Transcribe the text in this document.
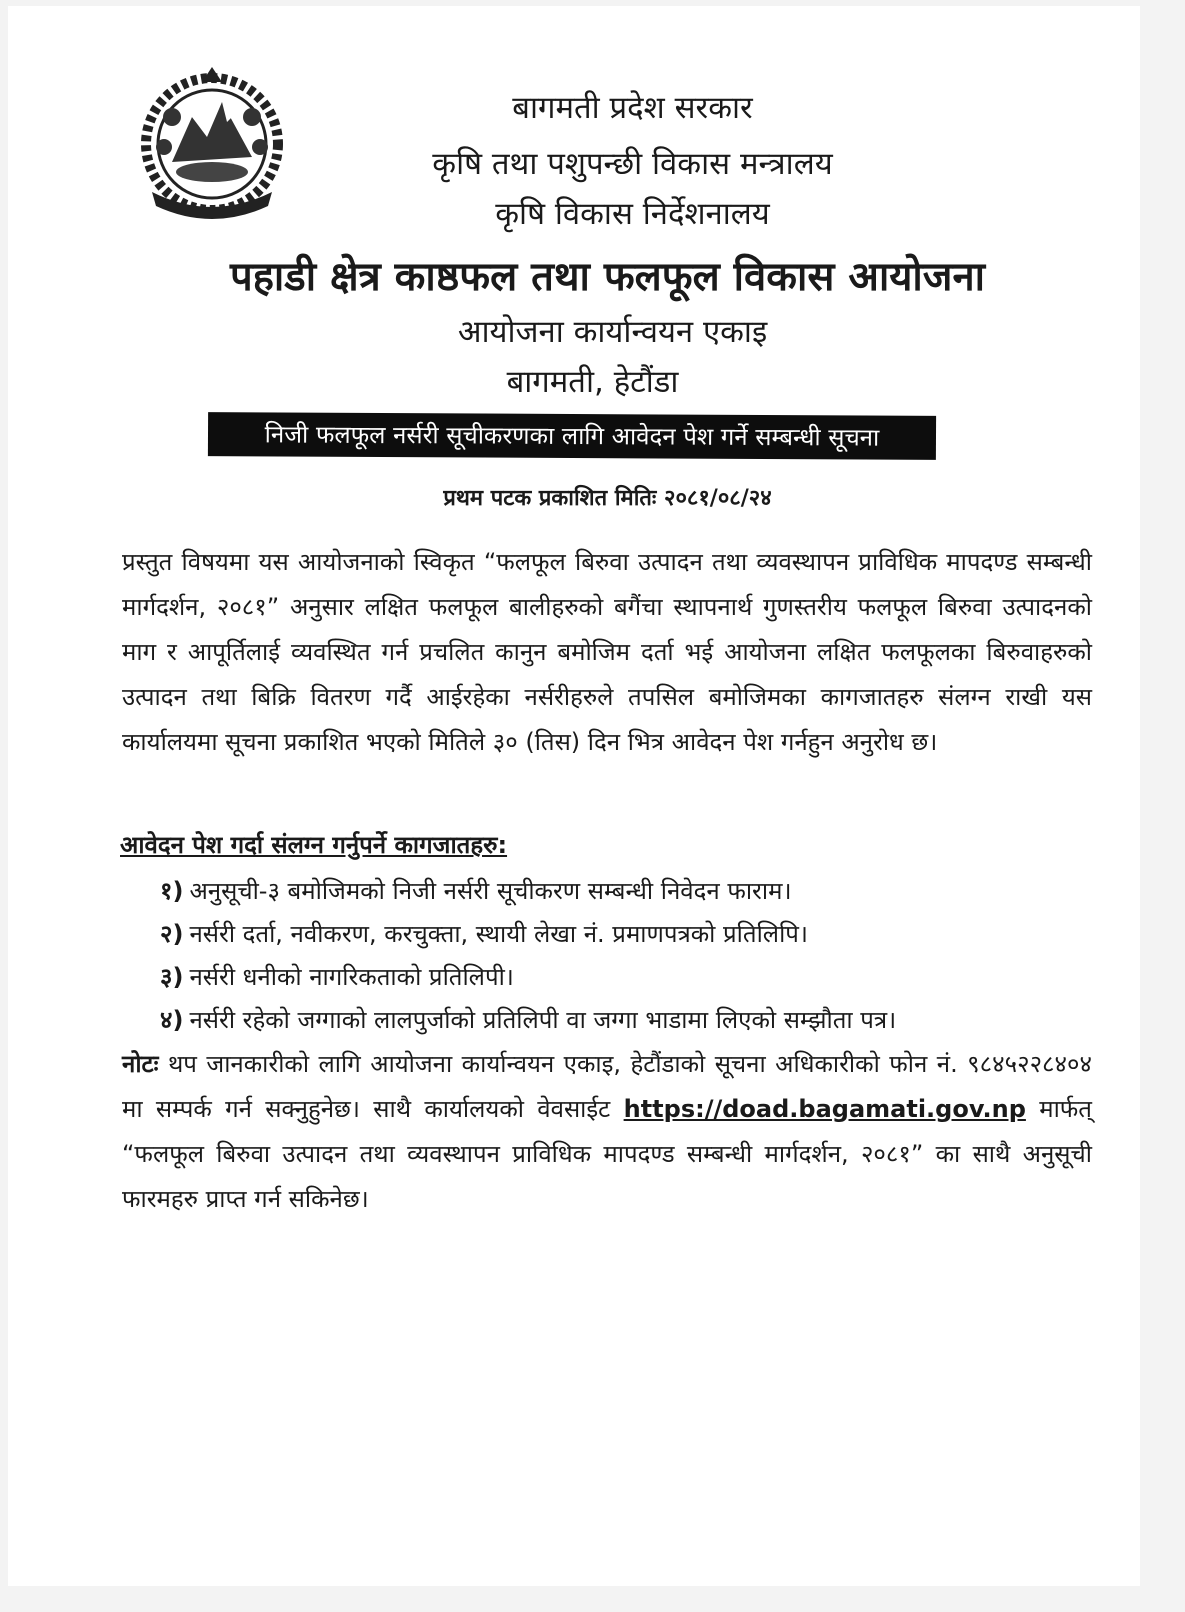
बागमती प्रदेश सरकार
कृषि तथा पशुपन्छी विकास मन्त्रालय
कृषि विकास निर्देशनालय
पहाडी क्षेत्र काष्ठफल तथा फलफूल विकास आयोजना
आयोजना कार्यान्वयन एकाइ
बागमती, हेटौंडा
निजी फलफूल नर्सरी सूचीकरणका लागि आवेदन पेश गर्ने सम्बन्धी सूचना
प्रथम पटक प्रकाशित मितिः २०८१/०८/२४
प्रस्तुत विषयमा यस आयोजनाको स्विकृत “फलफूल बिरुवा उत्पादन तथा व्यवस्थापन प्राविधिक मापदण्ड सम्बन्धी मार्गदर्शन, २०८१” अनुसार लक्षित फलफूल बालीहरुको बगैंचा स्थापनार्थ गुणस्तरीय फलफूल बिरुवा उत्पादनको माग र आपूर्तिलाई व्यवस्थित गर्न प्रचलित कानुन बमोजिम दर्ता भई आयोजना लक्षित फलफूलका बिरुवाहरुको उत्पादन तथा बिक्रि वितरण गर्दै आईरहेका नर्सरीहरुले तपसिल बमोजिमका कागजातहरु संलग्न राखी यस कार्यालयमा सूचना प्रकाशित भएको मितिले ३० (तिस) दिन भित्र आवेदन पेश गर्नहुन अनुरोध छ।
आवेदन पेश गर्दा संलग्न गर्नुपर्ने कागजातहरु:
१) अनुसूची-३ बमोजिमको निजी नर्सरी सूचीकरण सम्बन्धी निवेदन फाराम।
२) नर्सरी दर्ता, नवीकरण, करचुक्ता, स्थायी लेखा नं. प्रमाणपत्रको प्रतिलिपि।
३) नर्सरी धनीको नागरिकताको प्रतिलिपी।
४) नर्सरी रहेको जग्गाको लालपुर्जाको प्रतिलिपी वा जग्गा भाडामा लिएको सम्झौता पत्र।
नोटः थप जानकारीको लागि आयोजना कार्यान्वयन एकाइ, हेटौंडाको सूचना अधिकारीको फोन नं. ९८४५२२८४०४ मा सम्पर्क गर्न सक्नुहुनेछ। साथै कार्यालयको वेवसाईट https://doad.bagamati.gov.np मार्फत् “फलफूल बिरुवा उत्पादन तथा व्यवस्थापन प्राविधिक मापदण्ड सम्बन्धी मार्गदर्शन, २०८१” का साथै अनुसूची फारमहरु प्राप्त गर्न सकिनेछ।
